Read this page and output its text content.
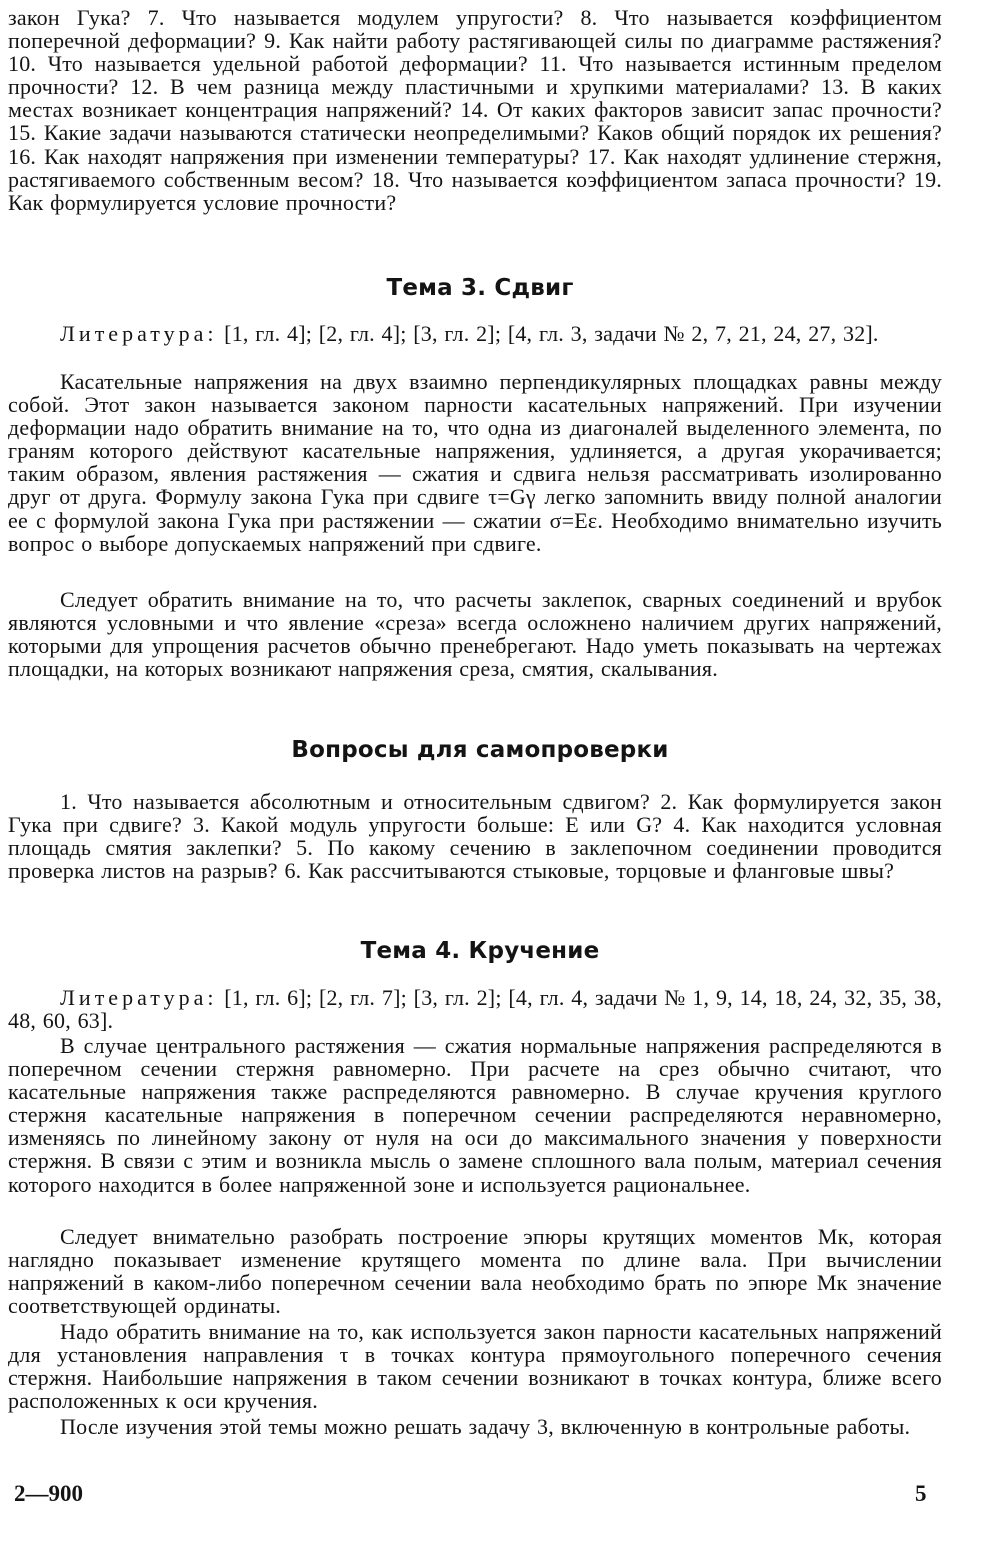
закон Гука? 7. Что называется модулем упругости? 8. Что называется коэффициентом поперечной деформации? 9. Как найти работу растягивающей силы по диаграмме растяжения? 10. Что называется удельной работой деформации? 11. Что называется истинным пределом прочности? 12. В чем разница между пластичными и хрупкими материалами? 13. В каких местах возникает концентрация напряжений? 14. От каких факторов зависит запас прочности? 15. Какие задачи называются статически неопределимыми? Каков общий порядок их решения? 16. Как находят напряжения при изменении температуры? 17. Как находят удлинение стержня, растягиваемого собственным весом? 18. Что называется коэффициентом запаса прочности? 19. Как формулируется условие прочности?

Тема 3. Сдвиг

Литература: [1, гл. 4]; [2, гл. 4]; [3, гл. 2]; [4, гл. 3, задачи № 2, 7, 21, 24, 27, 32].

Касательные напряжения на двух взаимно перпендикулярных площадках равны между собой. Этот закон называется законом парности касательных напряжений. При изучении деформации надо обратить внимание на то, что одна из диагоналей выделенного элемента, по граням которого действуют касательные напряжения, удлиняется, а другая укорачивается; таким образом, явления растяжения — сжатия и сдвига нельзя рассматривать изолированно друг от друга. Формулу закона Гука при сдвиге τ=Gγ легко запомнить ввиду полной аналогии ее с формулой закона Гука при растяжении — сжатии σ=Eε. Необходимо внимательно изучить вопрос о выборе допускаемых напряжений при сдвиге.

Следует обратить внимание на то, что расчеты заклепок, сварных соединений и врубок являются условными и что явление «среза» всегда осложнено наличием других напряжений, которыми для упрощения расчетов обычно пренебрегают. Надо уметь показывать на чертежах площадки, на которых возникают напряжения среза, смятия, скалывания.

Вопросы для самопроверки

1. Что называется абсолютным и относительным сдвигом? 2. Как формулируется закон Гука при сдвиге? 3. Какой модуль упругости больше: E или G? 4. Как находится условная площадь смятия заклепки? 5. По какому сечению в заклепочном соединении проводится проверка листов на разрыв? 6. Как рассчитываются стыковые, торцовые и фланговые швы?

Тема 4. Кручение

Литература: [1, гл. 6]; [2, гл. 7]; [3, гл. 2]; [4, гл. 4, задачи № 1, 9, 14, 18, 24, 32, 35, 38, 48, 60, 63].

В случае центрального растяжения — сжатия нормальные напряжения распределяются в поперечном сечении стержня равномерно. При расчете на срез обычно считают, что касательные напряжения также распределяются равномерно. В случае кручения круглого стержня касательные напряжения в поперечном сечении распределяются неравномерно, изменяясь по линейному закону от нуля на оси до максимального значения у поверхности стержня. В связи с этим и возникла мысль о замене сплошного вала полым, материал сечения которого находится в более напряженной зоне и используется рациональнее.

Следует внимательно разобрать построение эпюры крутящих моментов Mк, которая наглядно показывает изменение крутящего момента по длине вала. При вычислении напряжений в каком-либо поперечном сечении вала необходимо брать по эпюре Mк значение соответствующей ординаты.

Надо обратить внимание на то, как используется закон парности касательных напряжений для установления направления τ в точках контура прямоугольного поперечного сечения стержня. Наибольшие напряжения в таком сечении возникают в точках контура, ближе всего расположенных к оси кручения.

После изучения этой темы можно решать задачу 3, включенную в контрольные работы.

2—900	5
